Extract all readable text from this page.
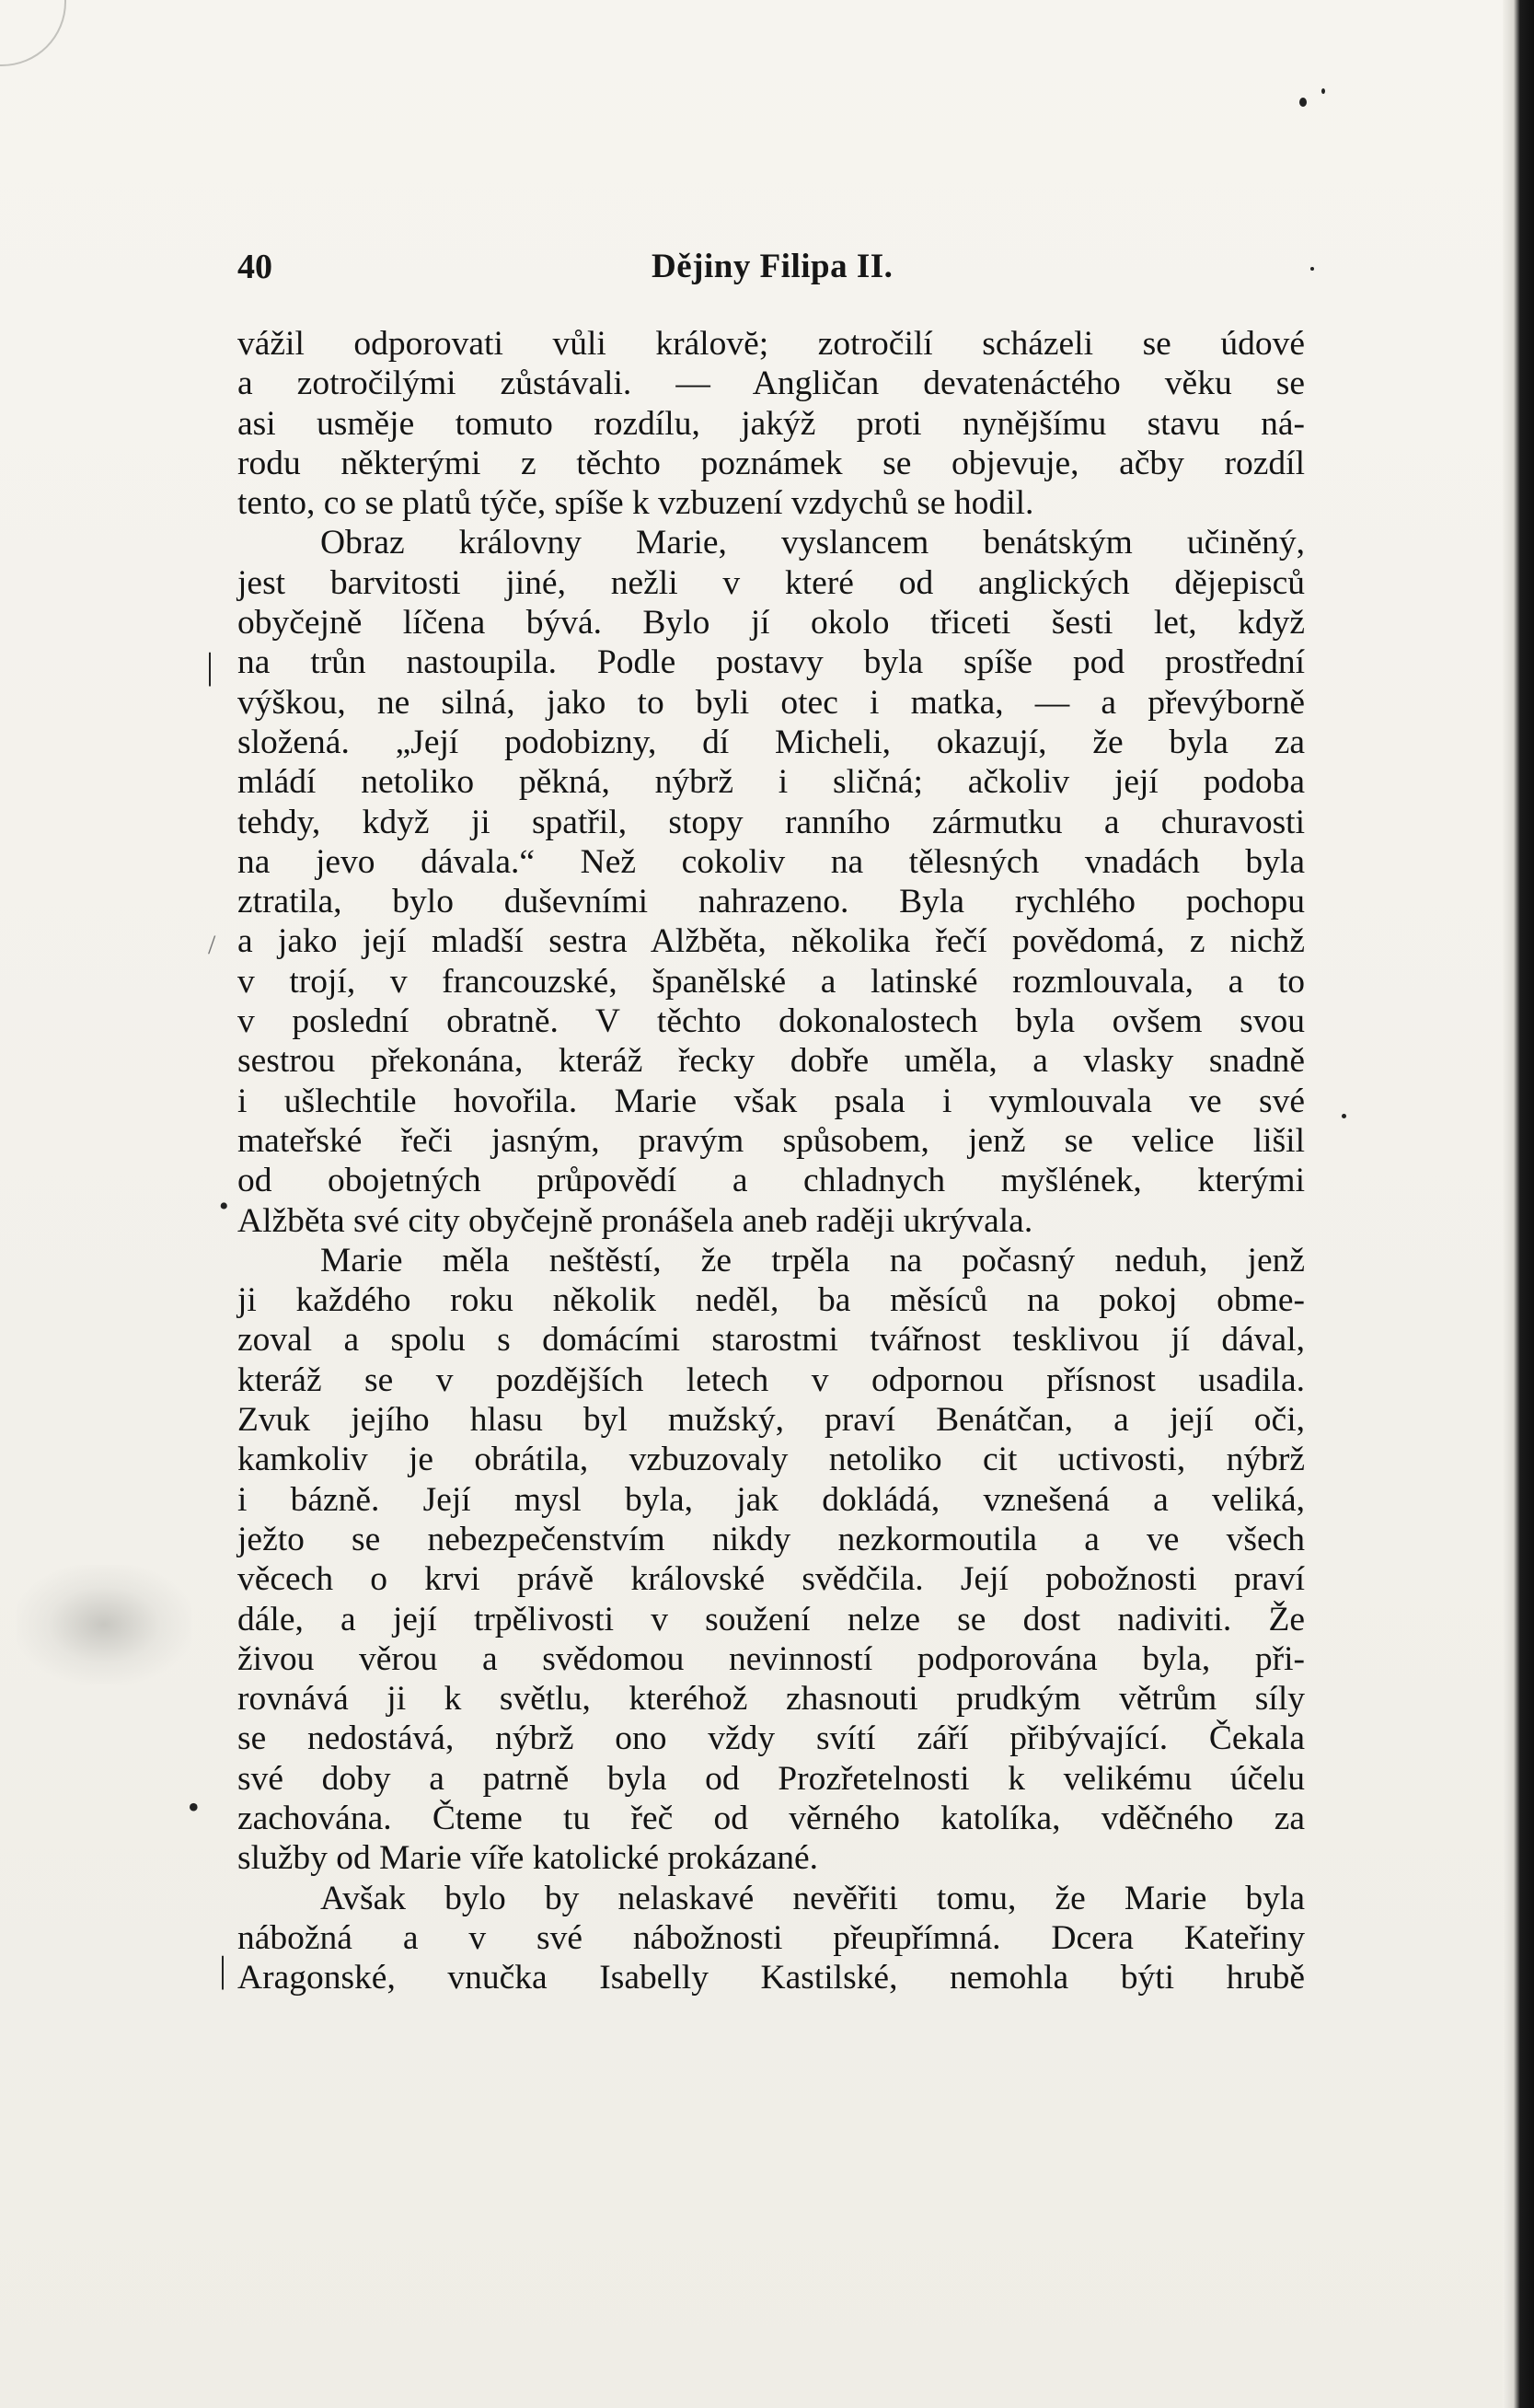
|
/
•
•
|
40	Dějiny Filipa II.
vážil odporovati vůli královĕ; zotročilí scházeli se údové
a zotročilými zůstávali. — Angličan devatenáctého věku se
asi usměje tomuto rozdílu, jakýž proti nynějšímu stavu ná-
rodu některými z těchto poznámek se objevuje, ačby rozdíl
tento, co se platů týče, spíše k vzbuzení vzdychů se hodil.
Obraz královny Marie, vyslancem benátským učiněný,
jest barvitosti jiné, nežli v které od anglických dějepisců
obyčejně líčena bývá. Bylo jí okolo třiceti šesti let, když
na trůn nastoupila. Podle postavy byla spíše pod prostřední
výškou, ne silná, jako to byli otec i matka, — a převýborně
složená. „Její podobizny, dí Micheli, okazují, že byla za
mládí netoliko pěkná, nýbrž i sličná; ačkoliv její podoba
tehdy, když ji spatřil, stopy ranního zármutku a churavosti
na jevo dávala.“ Než cokoliv na tělesných vnadách byla
ztratila, bylo duševními nahrazeno. Byla rychlého pochopu
a jako její mladší sestra Alžběta, několika řečí povědomá, z nichž
v trojí, v francouzské, španělské a latinské rozmlouvala, a to
v poslední obratně. V těchto dokonalostech byla ovšem svou
sestrou překonána, kteráž řecky dobře uměla, a vlasky snadně
i ušlechtile hovořila. Marie však psala i vymlouvala ve své
mateřské řeči jasným, pravým spůsobem, jenž se velice lišil
od obojetných průpovědí a chladnych myšlének, kterými
Alžběta své city obyčejně pronášela aneb raději ukrývala.
Marie měla neštěstí, že trpěla na počasný neduh, jenž
ji každého roku několik neděl, ba měsíců na pokoj obme-
zoval a spolu s domácími starostmi tvářnost tesklivou jí dával,
kteráž se v pozdějších letech v odpornou přísnost usadila.
Zvuk jejího hlasu byl mužský, praví Benátčan, a její oči,
kamkoliv je obrátila, vzbuzovaly netoliko cit uctivosti, nýbrž
i bázně. Její mysl byla, jak dokládá, vznešená a veliká,
ježto se nebezpečenstvím nikdy nezkormoutila a ve všech
věcech o krvi právě královské svědčila. Její pobožnosti praví
dále, a její trpělivosti v soužení nelze se dost nadiviti. Že
živou věrou a svědomou nevinností podporována byla, při-
rovnává ji k světlu, kteréhož zhasnouti prudkým větrům síly
se nedostává, nýbrž ono vždy svítí září přibývající. Čekala
své doby a patrně byla od Prozřetelnosti k velikému účelu
zachována. Čteme tu řeč od věrného katolíka, vděčného za
služby od Marie víře katolické prokázané.
Avšak bylo by nelaskavé nevěřiti tomu, že Marie byla
nábožná a v své nábožnosti přeupřímná. Dcera Kateřiny
Aragonské, vnučka Isabelly Kastilské, nemohla býti hrubě
